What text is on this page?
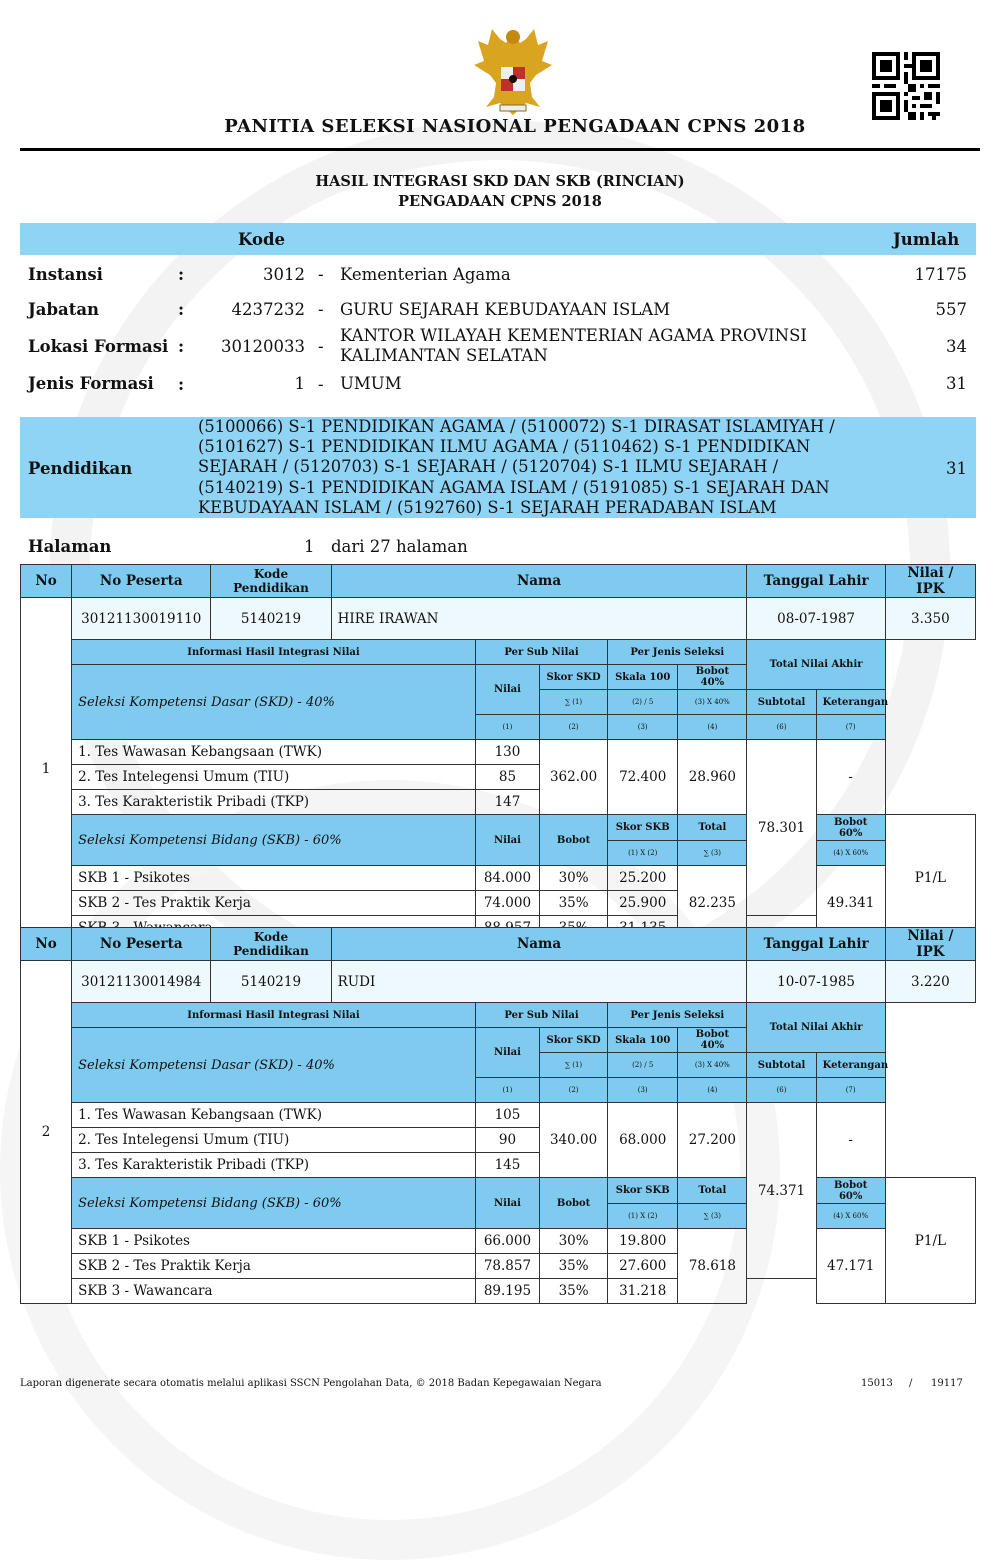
PANITIA SELEKSI NASIONAL PENGADAAN CPNS 2018
HASIL INTEGRASI SKD DAN SKB (RINCIAN)
PENGADAAN CPNS 2018
Kode	Jumlah
Instansi	:	3012 - Kementerian Agama	17175
Jabatan	:	4237232 - GURU SEJARAH KEBUDAYAAN ISLAM	557
Lokasi Formasi :	30120033 -
KANTOR WILAYAH KEMENTERIAN AGAMA PROVINSI KALIMANTAN SELATAN	34
Jenis Formasi :	1 - UMUM	31
Pendidikan
(5100066) S-1 PENDIDIKAN AGAMA / (5100072) S-1 DIRASAT ISLAMIYAH /
(5101627) S-1 PENDIDIKAN ILMU AGAMA / (5110462) S-1 PENDIDIKAN
SEJARAH / (5120703) S-1 SEJARAH / (5120704) S-1 ILMU SEJARAH /
(5140219) S-1 PENDIDIKAN AGAMA ISLAM / (5191085) S-1 SEJARAH DAN
KEBUDAYAAN ISLAM / (5192760) S-1 SEJARAH PERADABAN ISLAM
31
Halaman	1 dari 27 halaman
No	No Peserta	Kode Pendidikan	Nama					Tanggal Lahir		Nilai / IPK
1	30121130019110	5140219	HIRE IRAWAN					08-07-1987		3.350
	Informasi Hasil Integrasi Nilai			Per Sub Nilai		Per Jenis Seleksi		Total Nilai Akhir		
	Seleksi Kompetensi Dasar (SKD) - 40%			Nilai	Skor SKD	Skala 100	Bobot 40%			
					∑ (1)	(2) / 5	(3) X 40%	Subtotal	Keterangan	
				(1)	(2)	(3)	(4)	(6)	(7)	
	1. Tes Wawasan Kebangsaan (TWK)			130	362.00	72.400	28.960	78.301	-	
	2. Tes Intelegensi Umum (TIU)			85						
	3. Tes Karakteristik Pribadi (TKP)			147						
	Seleksi Kompetensi Bidang (SKB) - 60%			Nilai	Bobot	Skor SKB	Total		Bobot 60%	P1/L
						(1) X (2)	∑ (3)		(4) X 60%	
	SKB 1 - Psikotes			84.000	30%	25.200	82.235		49.341	
	SKB 2 - Tes Praktik Kerja			74.000	35%	25.900				

No	No Peserta	Kode Pendidikan	Nama					Tanggal Lahir		Nilai / IPK
2	30121130014984	5140219	RUDI					10-07-1985		3.220
	Informasi Hasil Integrasi Nilai			Per Sub Nilai		Per Jenis Seleksi		Total Nilai Akhir		
	Seleksi Kompetensi Dasar (SKD) - 40%			Nilai	Skor SKD	Skala 100	Bobot 40%			
					∑ (1)	(2) / 5	(3) X 40%	Subtotal	Keterangan	
				(1)	(2)	(3)	(4)	(6)	(7)	
	1. Tes Wawasan Kebangsaan (TWK)			105	340.00	68.000	27.200	74.371	-	
	2. Tes Intelegensi Umum (TIU)			90						
	3. Tes Karakteristik Pribadi (TKP)			145						
	Seleksi Kompetensi Bidang (SKB) - 60%			Nilai	Bobot	Skor SKB	Total		Bobot 60%	P1/L
						(1) X (2)	∑ (3)		(4) X 60%	
	SKB 1 - Psikotes			66.000	30%	19.800	78.618		47.171	
	SKB 2 - Tes Praktik Kerja			78.857	35%	27.600				
	SKB 3 - Wawancara			89.195	35%	31.218				
Laporan digenerate secara otomatis melalui aplikasi SSCN Pengolahan Data, © 2018 Badan Kepegawaian Negara	15013 / 19117
